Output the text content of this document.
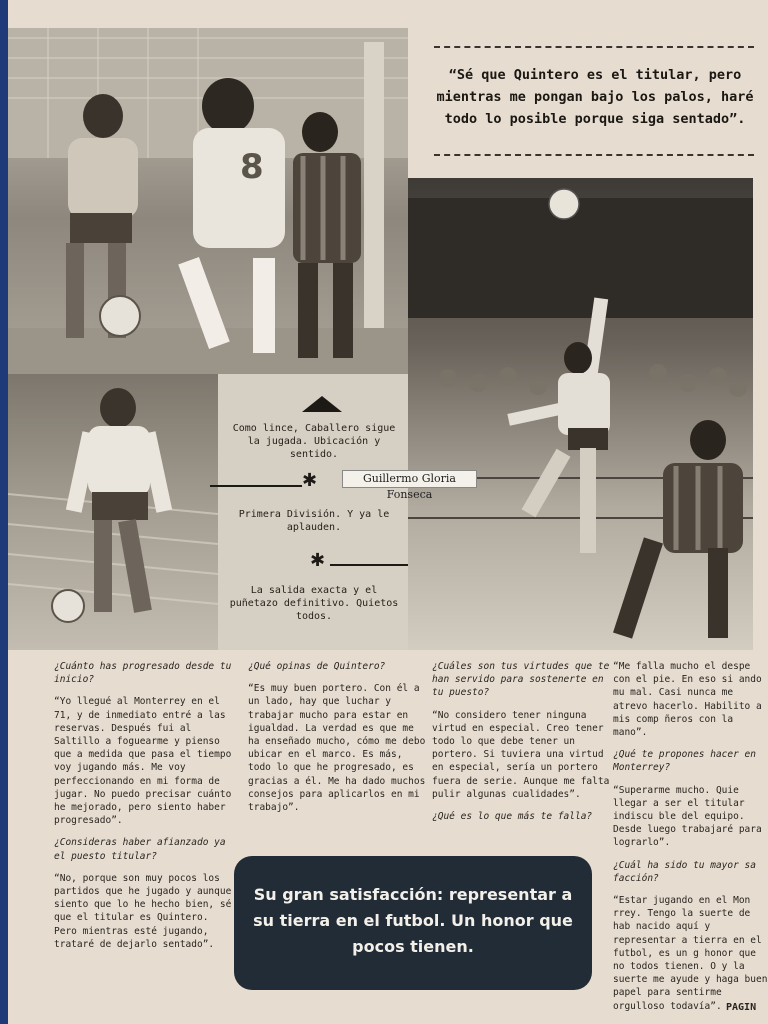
8
Como lince, Caballero sigue la jugada. Ubicación y sentido.
✱
Primera División. Y ya le aplauden.
✱
La salida exacta y el puñetazo definitivo. Quietos todos.
Guillermo Gloria Fonseca
“Sé que Quintero es el titular, pero mientras me pongan bajo los palos, haré todo lo posible porque siga sentado”.

¿Cuánto has progresado desde tu inicio?

“Yo llegué al Monterrey en el 71, y de inmediato entré a las reservas. Después fui al Saltillo a foguearme y pienso que a medida que pasa el tiempo voy jugando más. Me voy perfeccionando en mi forma de jugar. No puedo precisar cuánto he mejorado, pero siento haber progresado”.

¿Consideras haber afianzado ya el puesto titular?

“No, porque son muy pocos los partidos que he jugado y aunque siento que lo he hecho bien, sé que el titular es Quintero. Pero mientras esté jugando, trataré de dejarlo sentado”.

¿Qué opinas de Quintero?

“Es muy buen portero. Con él a un lado, hay que luchar y trabajar mucho para estar en igualdad. La verdad es que me ha enseñado mucho, cómo me debo ubicar en el marco. Es más, todo lo que he progresado, es gracias a él. Me ha dado muchos consejos para aplicarlos en mi trabajo”.

¿Cuáles son tus virtudes que te han servido para sostenerte en tu puesto?

“No considero tener ninguna virtud en especial. Creo tener todo lo que debe tener un portero. Si tuviera una virtud en especial, sería un portero fuera de serie. Aunque me falta pulir algunas cualidades”.

¿Qué es lo que más te falla?

“Me falla mucho el despe con el pie. En eso si ando mu mal. Casi nunca me atrevo hacerlo. Habilito a mis comp ñeros con la mano”.

¿Qué te propones hacer en Monterrey?

“Superarme mucho. Quie llegar a ser el titular indiscu ble del equipo. Desde luego trabajaré para lograrlo”.

¿Cuál ha sido tu mayor sa facción?

“Estar jugando en el Mon rrey. Tengo la suerte de hab nacido aquí y representar a tierra en el futbol, es un g honor que no todos tienen. O y la suerte me ayude y haga buen papel para sentirme orgulloso todavía”.

Su gran satisfacción: representar a su tierra en el futbol. Un honor que pocos tienen.
PAGIN
